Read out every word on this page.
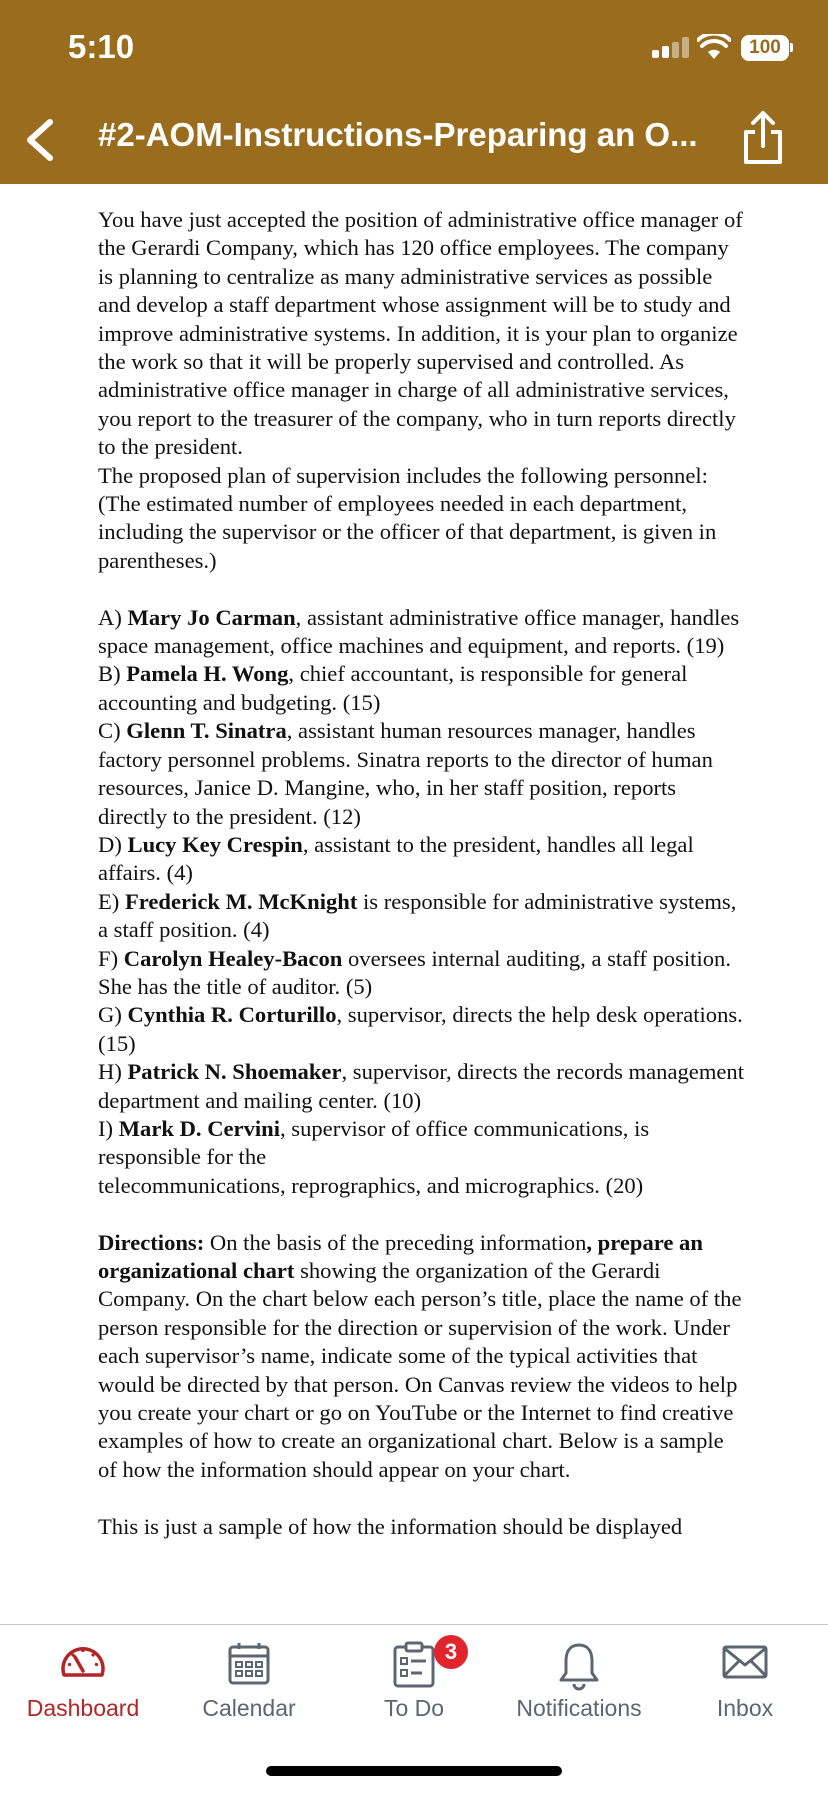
5:10	100
#2-AOM-Instructions-Preparing an O...

You have just accepted the position of administrative office manager of the Gerardi Company, which has 120 office employees. The company is planning to centralize as many administrative services as possible and develop a staff department whose assignment will be to study and improve administrative systems. In addition, it is your plan to organize the work so that it will be properly supervised and controlled. As administrative office manager in charge of all administrative services, you report to the treasurer of the company, who in turn reports directly to the president.

The proposed plan of supervision includes the following personnel: (The estimated number of employees needed in each department, including the supervisor or the officer of that department, is given in parentheses.)

A) Mary Jo Carman, assistant administrative office manager, handles space management, office machines and equipment, and reports. (19)

B) Pamela H. Wong, chief accountant, is responsible for general accounting and budgeting. (15)

C) Glenn T. Sinatra, assistant human resources manager, handles factory personnel problems. Sinatra reports to the director of human resources, Janice D. Mangine, who, in her staff position, reports directly to the president. (12)

D) Lucy Key Crespin, assistant to the president, handles all legal affairs. (4)

E) Frederick M. McKnight is responsible for administrative systems, a staff position. (4)

F) Carolyn Healey-Bacon oversees internal auditing, a staff position. She has the title of auditor. (5)

G) Cynthia R. Corturillo, supervisor, directs the help desk operations. (15)

H) Patrick N. Shoemaker, supervisor, directs the records management department and mailing center. (10)

I) Mark D. Cervini, supervisor of office communications, is responsible for the

telecommunications, reprographics, and micrographics. (20)

Directions: On the basis of the preceding information, prepare an organizational chart showing the organization of the Gerardi Company. On the chart below each person’s title, place the name of the person responsible for the direction or supervision of the work. Under each supervisor’s name, indicate some of the typical activities that would be directed by that person. On Canvas review the videos to help you create your chart or go on YouTube or the Internet to find creative examples of how to create an organizational chart. Below is a sample of how the information should appear on your chart.

This is just a sample of how the information should be displayed

Dashboard	Calendar	To Do
3
Notifications	Inbox
